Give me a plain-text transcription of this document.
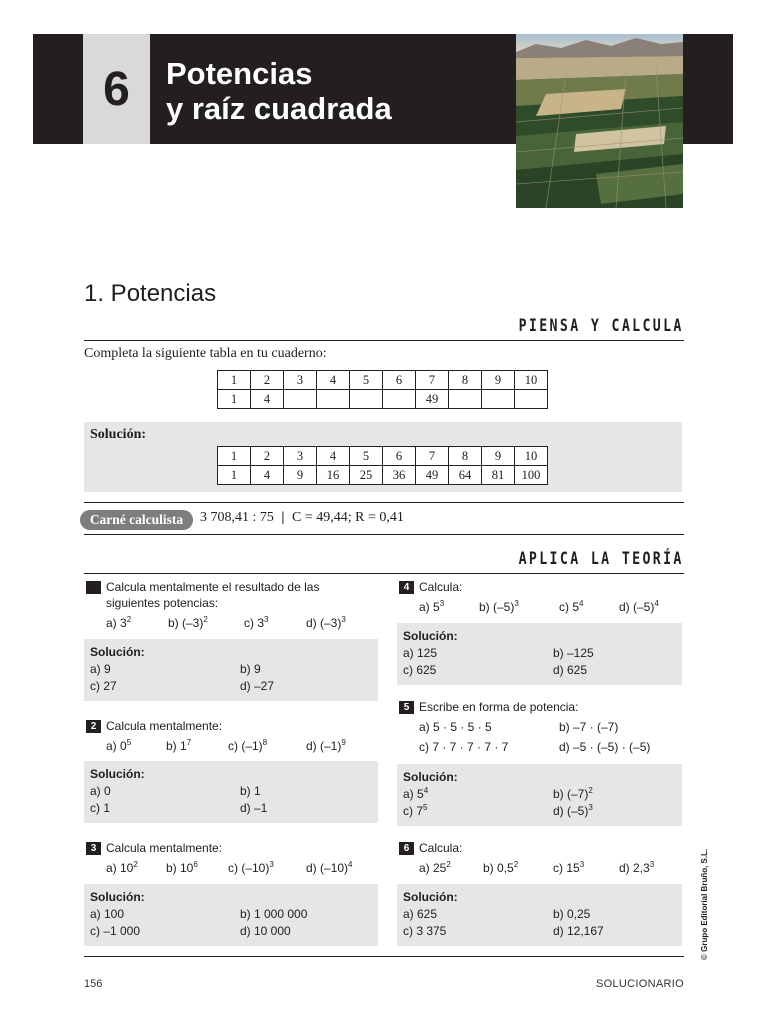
6	Potencias
y raíz cuadrada
1. Potencias
PIENSA Y CALCULA
Completa la siguiente tabla en tu cuaderno:
1	2	3	4	5	6	7	8	9	10
1	4					49			
Solución:
1	2	3	4	5	6	7	8	9	10
1	4	9	16	25	36	49	64	81	100
Carné calculista	3 708,41 : 75 | C = 49,44; R = 0,41
APLICA LA TEORÍA
1 Calcula mentalmente el resultado de las siguientes potencias:
a) $3^2$	b) $(-3)^2$	c) $3^3$	d) $(-3)^3$
Solución:
a) 9	b) 9
c) 27	d) –27
2 Calcula mentalmente:
a) $0^5$	b) $1^7$	c) $(-1)^8$	d) $(-1)^9$
Solución:
a) 0	b) 1
c) 1	d) –1
3 Calcula mentalmente:
a) $10^2$	b) $10^6$	c) $(-10)^3$	d) $(-10)^4$
Solución:
a) 100	b) 1 000 000
c) –1 000	d) 10 000
4 Calcula:
a) $5^3$	b) $(-5)^3$	c) $5^4$	d) $(-5)^4$
Solución:
a) 125	b) –125
c) 625	d) 625
5 Escribe en forma de potencia:
a) 5 · 5 · 5 · 5	b) –7 · (–7)
c) 7 · 7 · 7 · 7 · 7	d) –5 · (–5) · (–5)
Solución:
a) $5^4$	b) $(-7)^2$
c) $7^5$	d) $(-5)^3$
6 Calcula:
a) $25^2$	b) $0,5^2$	c) $15^3$	d) $2,3^3$
Solución:
a) 625	b) 0,25
c) 3 375	d) 12,167
156	SOLUCIONARIO
© Grupo Editorial Bruño, S.L.
